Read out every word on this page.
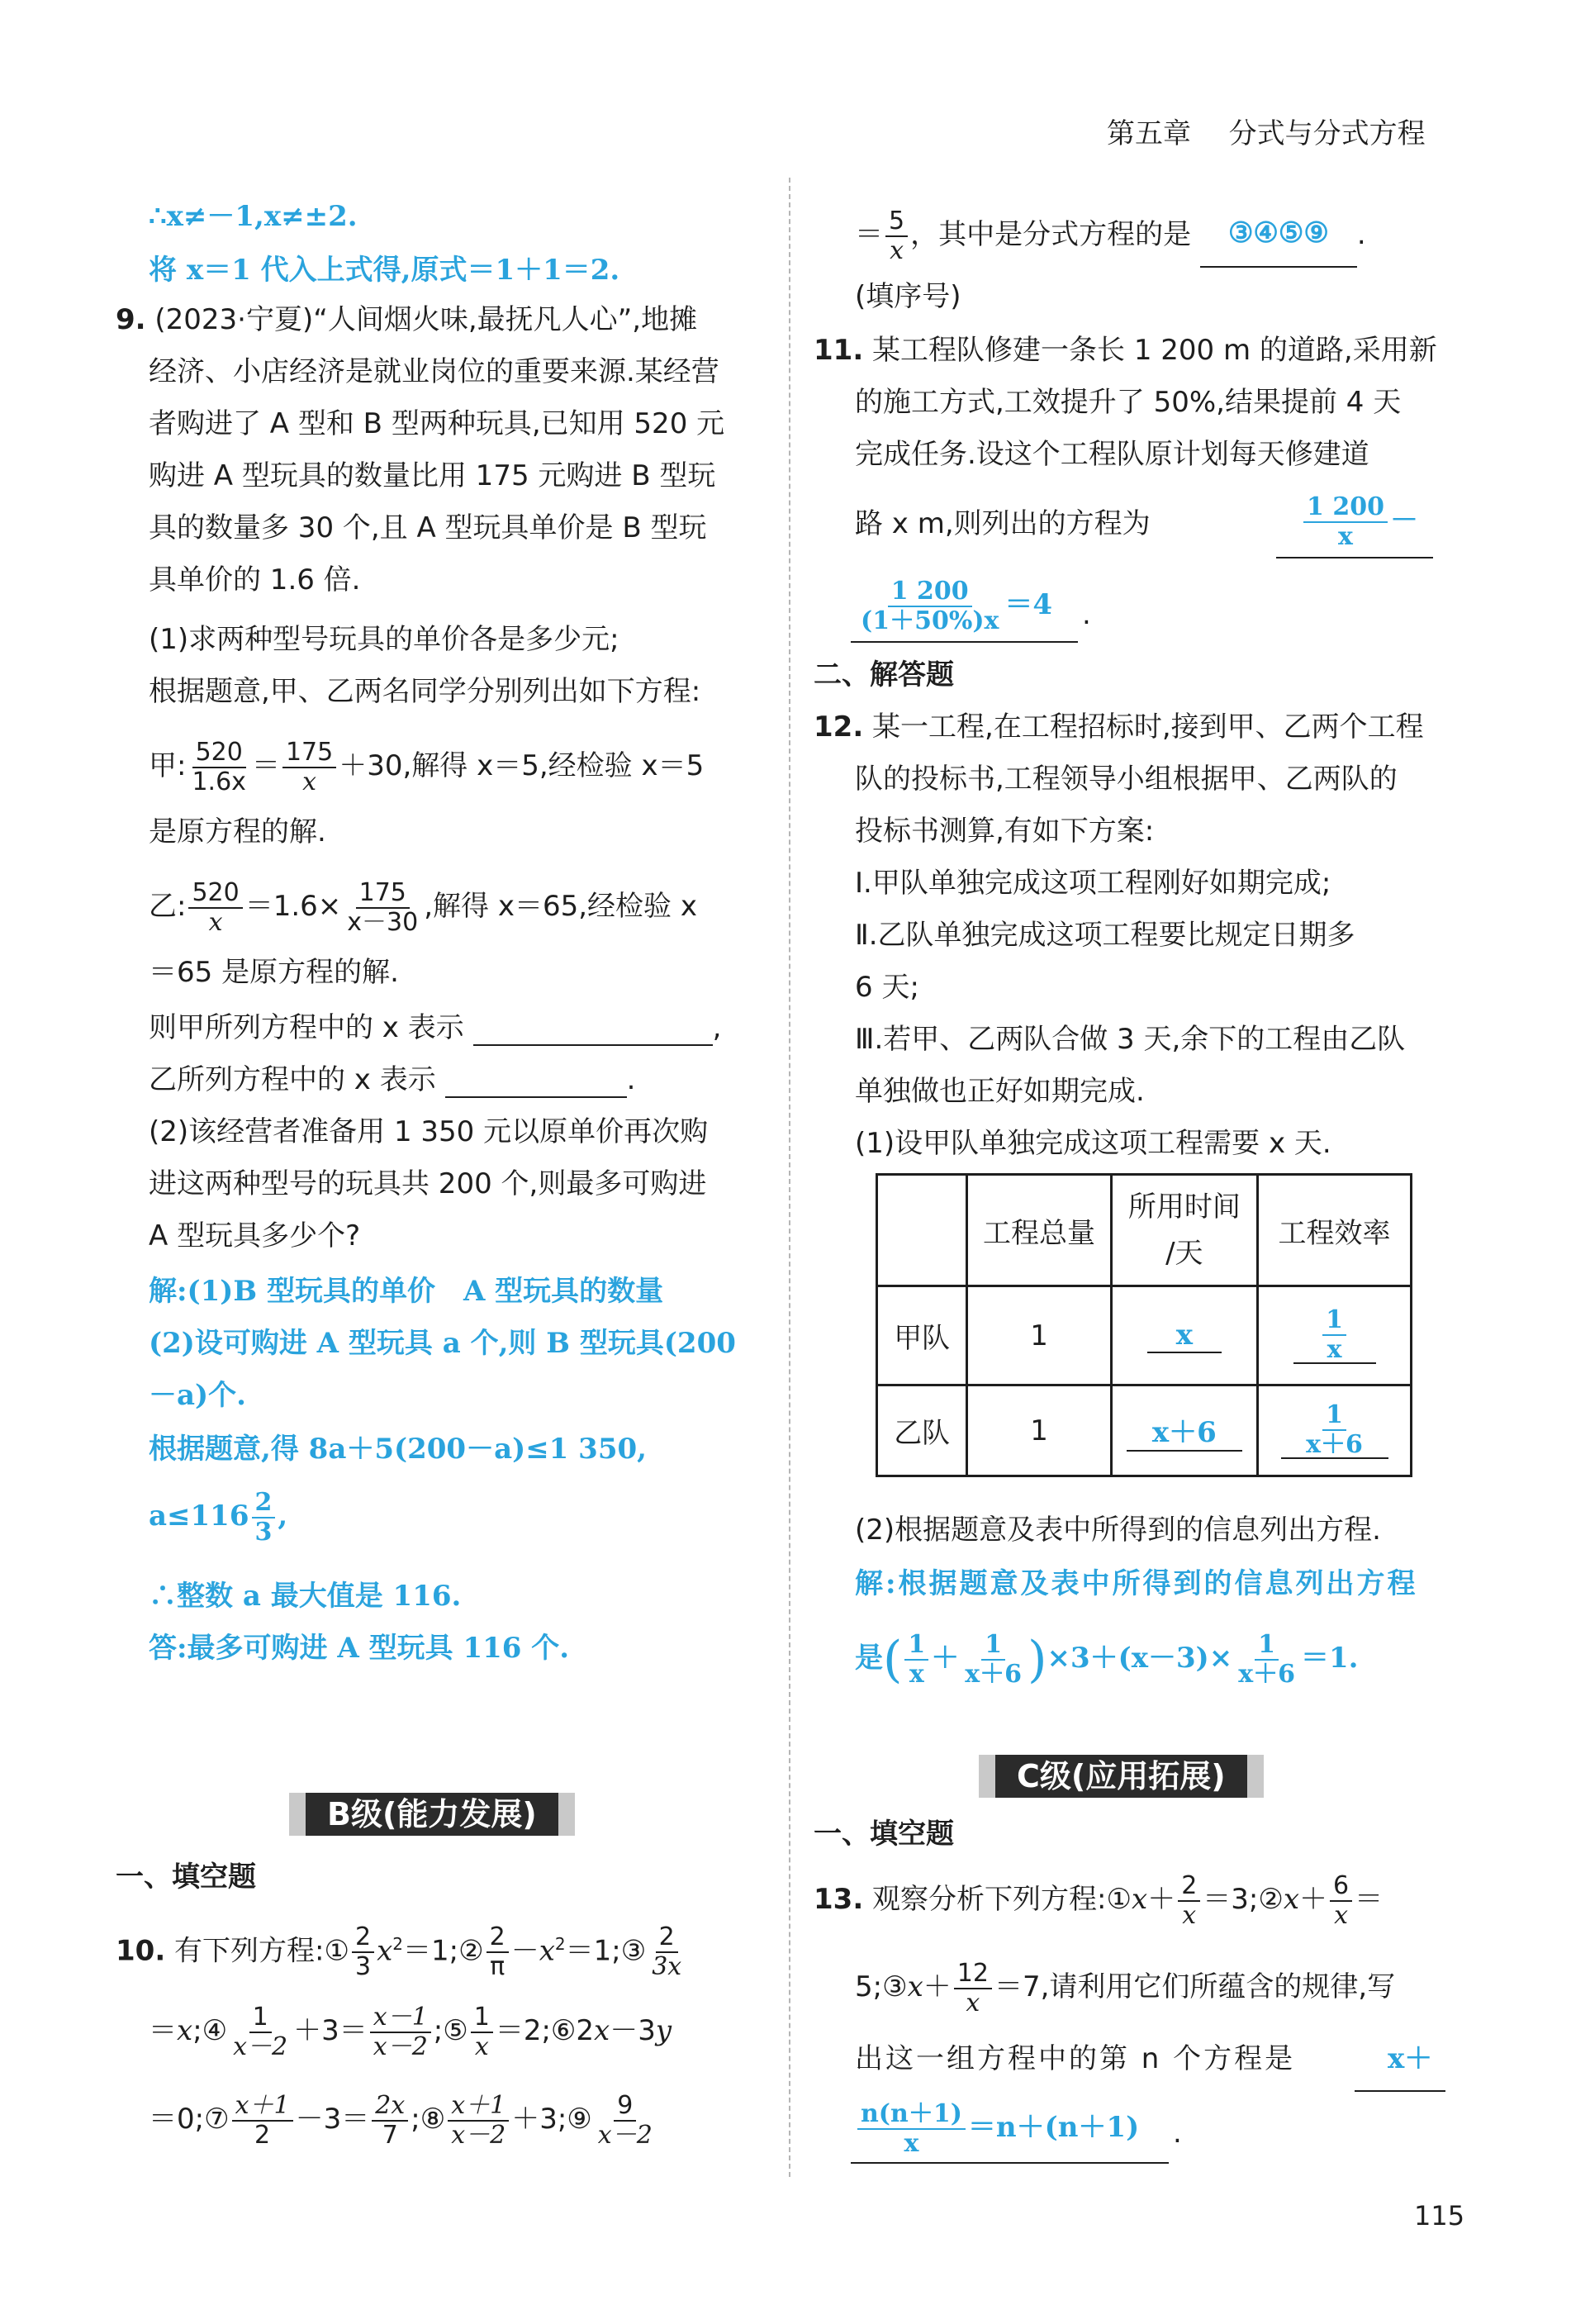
第五章 分式与分式方程
∴x≠－1,x≠±2.
将 x＝1 代入上式得,原式＝1＋1＝2.
9. (2023·宁夏)“人间烟火味,最抚凡人心”,地摊
经济、小店经济是就业岗位的重要来源.某经营
者购进了 A 型和 B 型两种玩具,已知用 520 元
购进 A 型玩具的数量比用 175 元购进 B 型玩
具的数量多 30 个,且 A 型玩具单价是 B 型玩
具单价的 1.6 倍.
(1)求两种型号玩具的单价各是多少元;
根据题意,甲、乙两名同学分别列出如下方程:
甲: $\frac{520}{1.6x} = \frac{175}{x} +30$,解得 x＝5,经检验 x＝5
是原方程的解.
乙: $\frac{520}{x} =1.6\times \frac{175}{x-30}$ ,解得 x＝65,经检验 x
＝65 是原方程的解.
则甲所列方程中的 x 表示	,
乙所列方程中的 x 表示	.
(2)该经营者准备用 1 350 元以原单价再次购
进这两种型号的玩具共 200 个,则最多可购进
A 型玩具多少个?
解:(1)B 型玩具的单价　A 型玩具的数量
(2)设可购进 A 型玩具 a 个,则 B 型玩具(200
－a)个.
根据题意,得 8a＋5(200－a)≤1 350,
$a\le 116 \frac{2}{3}$ ,
∴整数 a 最大值是 116.
答:最多可购进 A 型玩具 116 个.
B级(能力发展)
一、填空题
10. 有下列方程:① $\frac{2}{3}$ $x^2=1;② \frac{2}{\pi}$ $-x^2=1;③ \frac{2}{3x}$
＝x;④ $\frac{1}{x-2} +3= \frac{x-1}{x-2}$ ;⑤ $\frac{1}{x}$ ＝2;⑥2x－3y
＝0;⑦ $\frac{x+1}{2} -3= \frac{2x}{7}$ ;⑧ $\frac{x+1}{x-2}$ ＋3;⑨ $\frac{9}{x-2}$
＝ $\frac{5}{x}$ ，其中是分式方程的是 ③④⑤⑨ .
(填序号)
11. 某工程队修建一条长 1 200 m 的道路,采用新
的施工方式,工效提升了 50%,结果提前 4 天
完成任务.设这个工程队原计划每天修建道
路 x m,则列出的方程为	$\frac{1 200}{x}$ －
$\frac{1 200}{(1+50\%)x} =4$ .
二、解答题
12. 某一工程,在工程招标时,接到甲、乙两个工程
队的投标书,工程领导小组根据甲、乙两队的
投标书测算,有如下方案:
Ⅰ.甲队单独完成这项工程刚好如期完成;
Ⅱ.乙队单独完成这项工程要比规定日期多
6 天;
Ⅲ.若甲、乙两队合做 3 天,余下的工程由乙队
单独做也正好如期完成.
(1)设甲队单独完成这项工程需要 x 天.
	工程总量	所用时间
/天	工程效率
甲队	1	x	$\frac{1}{x}$

乙队	1	x＋6	$\frac{1}{x+6}$
(2)根据题意及表中所得到的信息列出方程.
解:根据题意及表中所得到的信息列出方程
是( $\frac{1}{x} + \frac{1}{x+6} )\times 3+(x-3)\times \frac{1}{x+6} =1$.
C级(应用拓展)
一、填空题
13. 观察分析下列方程:①x＋ $\frac{2}{x}$ ＝3;②x＋ $\frac{6}{x}$ ＝
5;③x＋ $\frac{12}{x} =7$,请利用它们所蕴含的规律,写
出这一组方程中的第 n 个方程是	x＋
$\frac{n(n+1)}{x} =n+(n+1)$ .
115
